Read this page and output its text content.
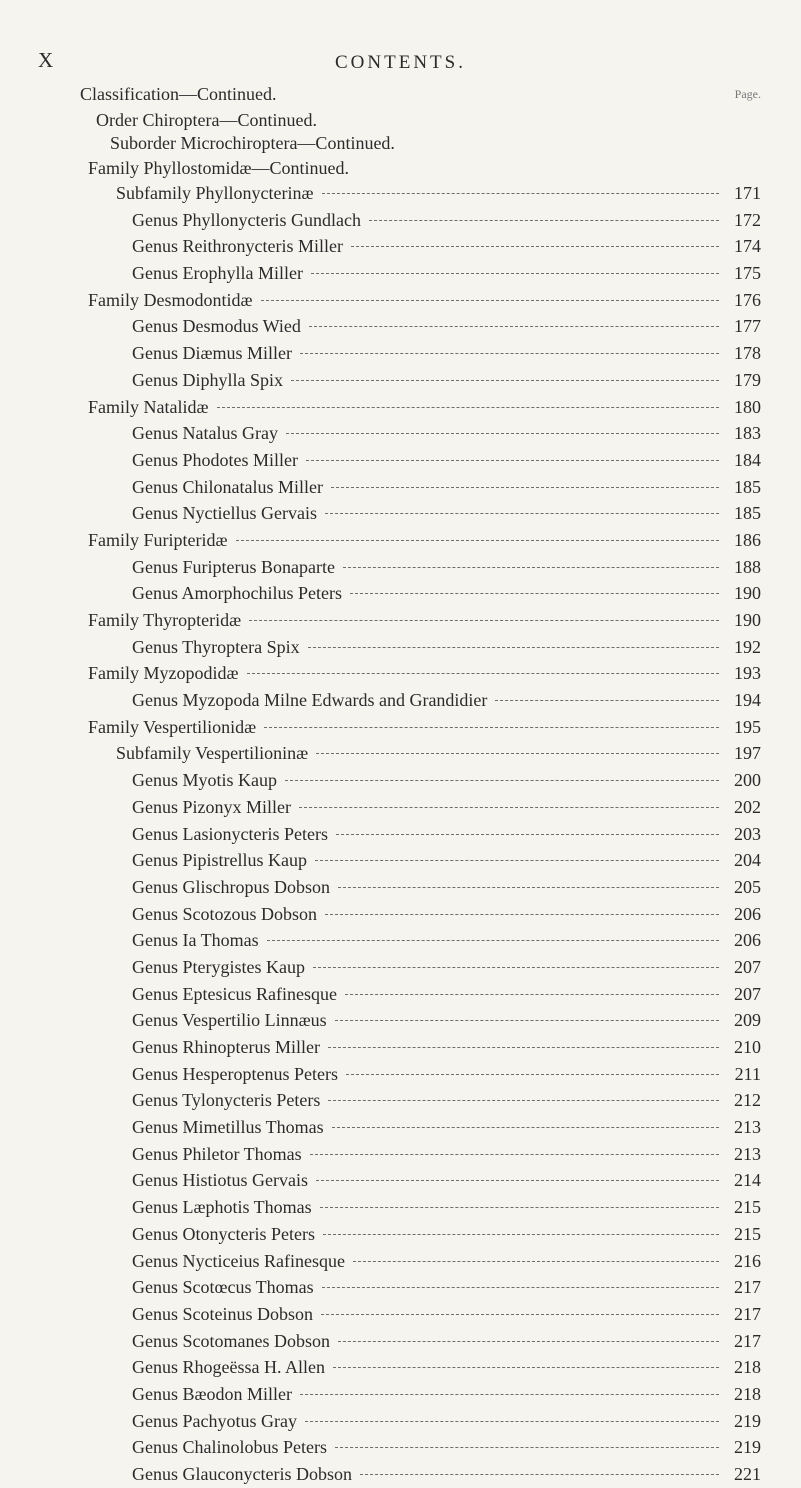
X	CONTENTS.
Page.
Classification—Continued.
Order Chiroptera—Continued.
Suborder Microchiroptera—Continued.
Family Phyllostomidæ—Continued.
Subfamily Phyllonycterinæ	171
Genus Phyllonycteris Gundlach	172
Genus Reithronycteris Miller	174
Genus Erophylla Miller	175
Family Desmodontidæ	176
Genus Desmodus Wied	177
Genus Diæmus Miller	178
Genus Diphylla Spix	179
Family Natalidæ	180
Genus Natalus Gray	183
Genus Phodotes Miller	184
Genus Chilonatalus Miller	185
Genus Nyctiellus Gervais	185
Family Furipteridæ	186
Genus Furipterus Bonaparte	188
Genus Amorphochilus Peters	190
Family Thyropteridæ	190
Genus Thyroptera Spix	192
Family Myzopodidæ	193
Genus Myzopoda Milne Edwards and Grandidier	194
Family Vespertilionidæ	195
Subfamily Vespertilioninæ	197
Genus Myotis Kaup	200
Genus Pizonyx Miller	202
Genus Lasionycteris Peters	203
Genus Pipistrellus Kaup	204
Genus Glischropus Dobson	205
Genus Scotozous Dobson	206
Genus Ia Thomas	206
Genus Pterygistes Kaup	207
Genus Eptesicus Rafinesque	207
Genus Vespertilio Linnæus	209
Genus Rhinopterus Miller	210
Genus Hesperoptenus Peters	211
Genus Tylonycteris Peters	212
Genus Mimetillus Thomas	213
Genus Philetor Thomas	213
Genus Histiotus Gervais	214
Genus Læphotis Thomas	215
Genus Otonycteris Peters	215
Genus Nycticeius Rafinesque	216
Genus Scotœcus Thomas	217
Genus Scoteinus Dobson	217
Genus Scotomanes Dobson	217
Genus Rhogeëssa H. Allen	218
Genus Bæodon Miller	218
Genus Pachyotus Gray	219
Genus Chalinolobus Peters	219
Genus Glauconycteris Dobson	221
